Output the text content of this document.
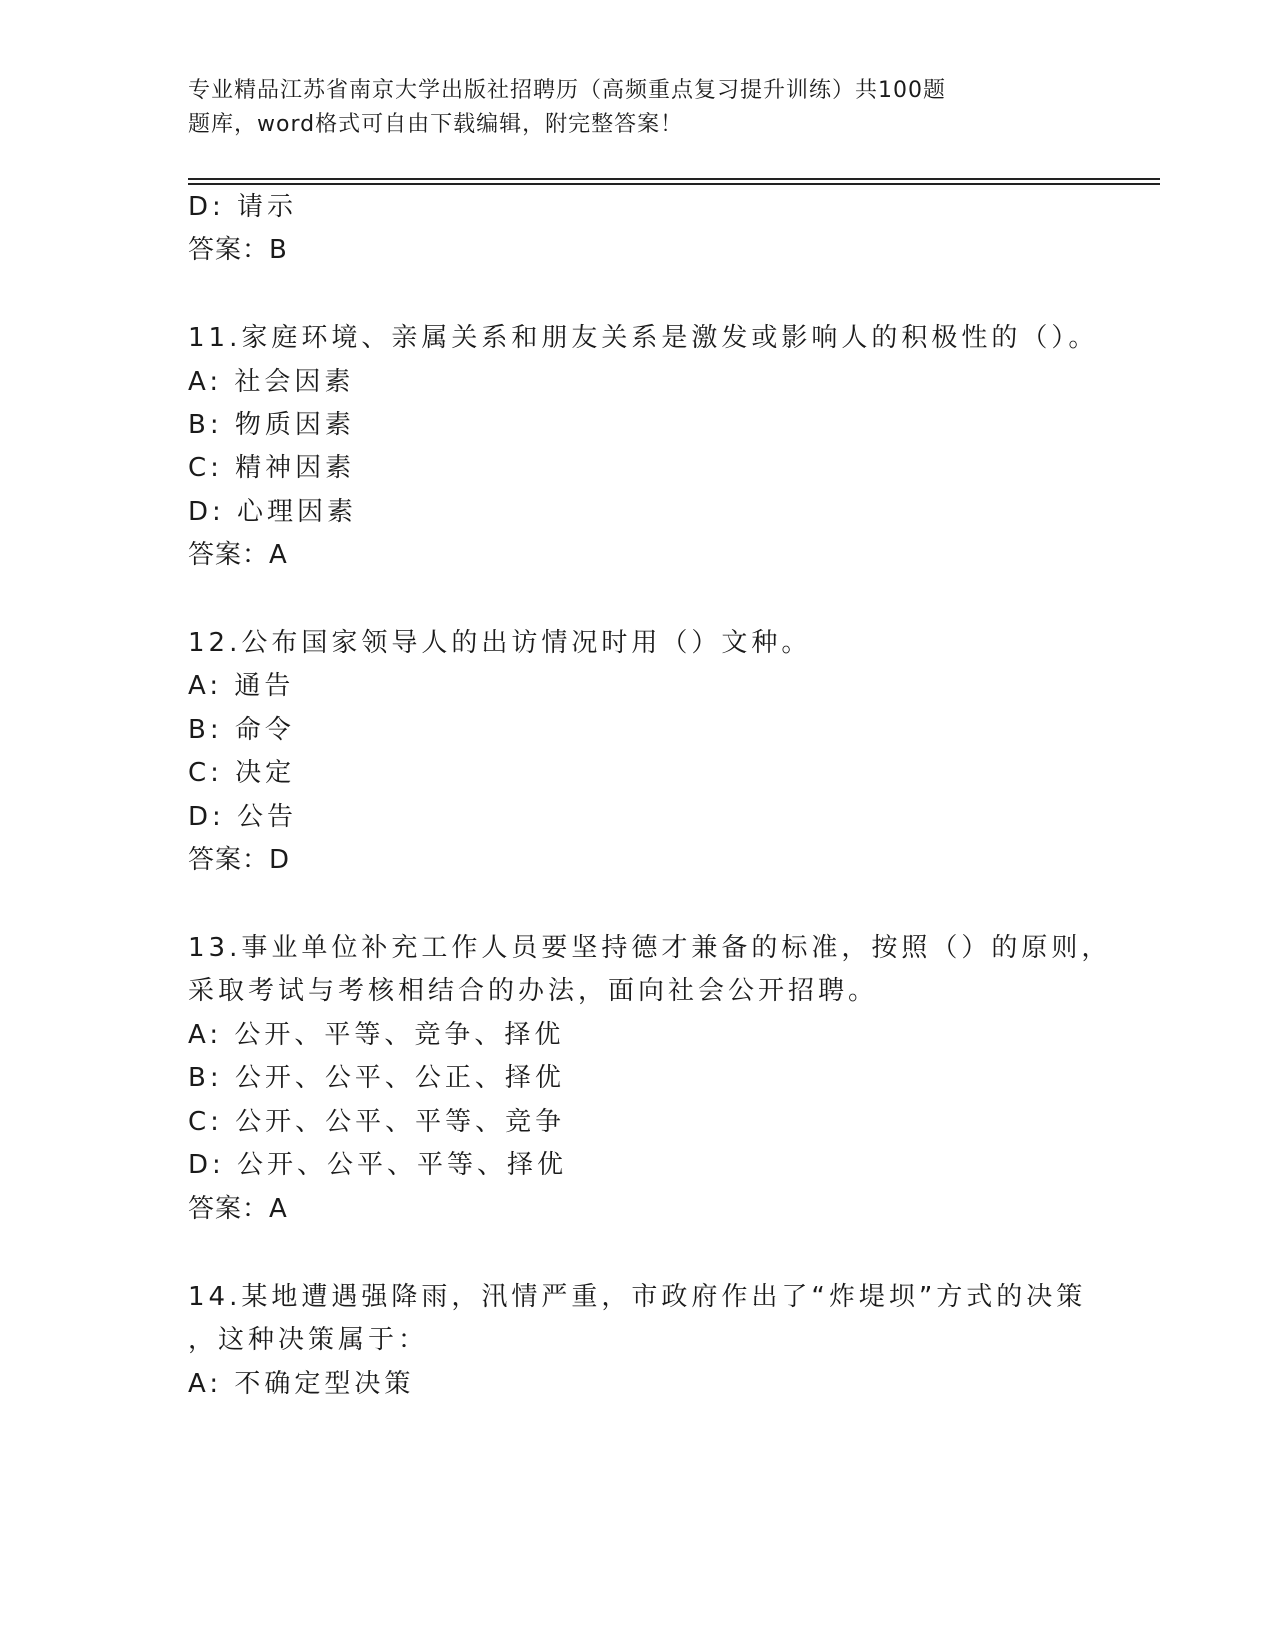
专业精品江苏省南京大学出版社招聘历（高频重点复习提升训练）共100题
题库，word格式可自由下载编辑，附完整答案！
D: 请示
答案：B
11.家庭环境、亲属关系和朋友关系是激发或影响人的积极性的（）。
A: 社会因素
B: 物质因素
C: 精神因素
D: 心理因素
答案：A
12.公布国家领导人的出访情况时用（）文种。
A: 通告
B: 命令
C: 决定
D: 公告
答案：D
13.事业单位补充工作人员要坚持德才兼备的标准，按照（）的原则，
采取考试与考核相结合的办法，面向社会公开招聘。
A: 公开、平等、竞争、择优
B: 公开、公平、公正、择优
C: 公开、公平、平等、竞争
D: 公开、公平、平等、择优
答案：A
14.某地遭遇强降雨，汛情严重，市政府作出了“炸堤坝”方式的决策
，这种决策属于：
A: 不确定型决策
